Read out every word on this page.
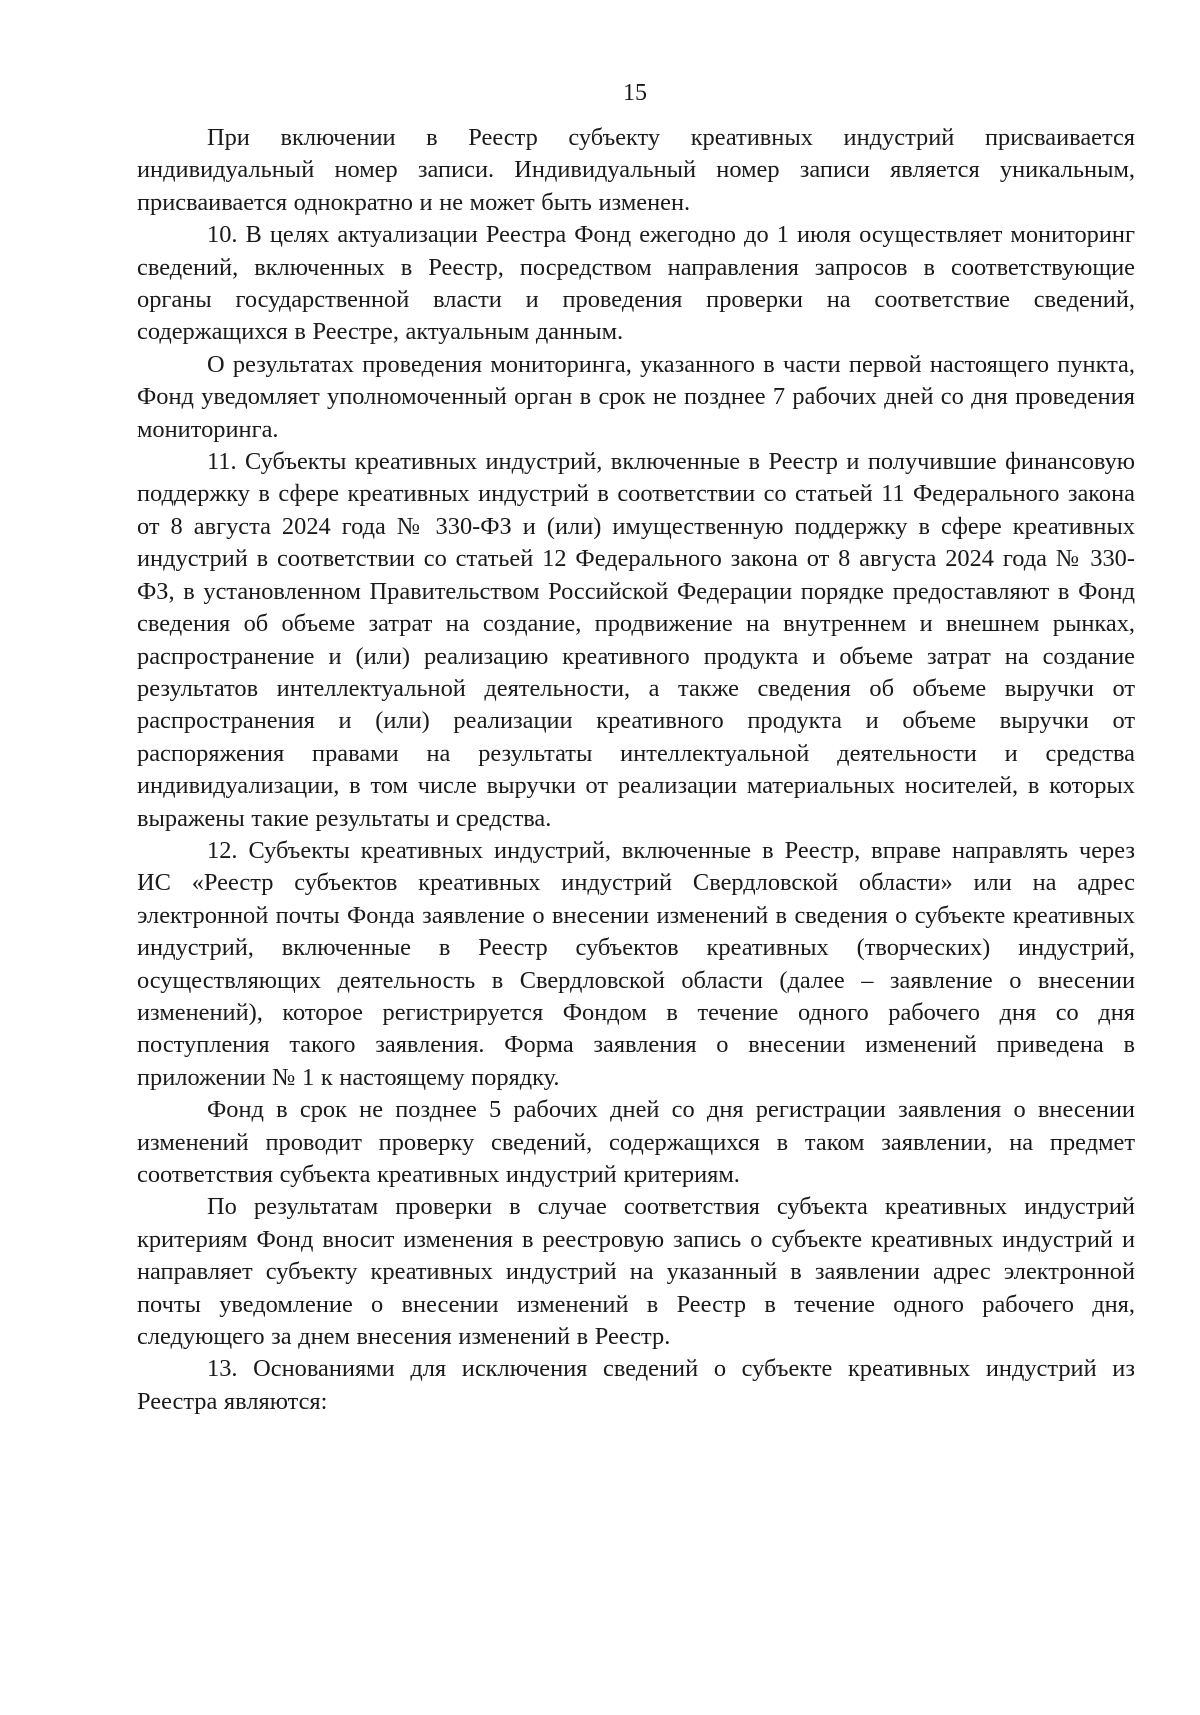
15

При включении в Реестр субъекту креативных индустрий присваивается индивидуальный номер записи. Индивидуальный номер записи является уникальным, присваивается однократно и не может быть изменен.

10. В целях актуализации Реестра Фонд ежегодно до 1 июля осуществляет мониторинг сведений, включенных в Реестр, посредством направления запросов в соответствующие органы государственной власти и проведения проверки на соответствие сведений, содержащихся в Реестре, актуальным данным.

О результатах проведения мониторинга, указанного в части первой настоящего пункта, Фонд уведомляет уполномоченный орган в срок не позднее 7 рабочих дней со дня проведения мониторинга.

11. Субъекты креативных индустрий, включенные в Реестр и получившие финансовую поддержку в сфере креативных индустрий в соответствии со статьей 11 Федерального закона от 8 августа 2024 года № 330-ФЗ и (или) имущественную поддержку в сфере креативных индустрий в соответствии со статьей 12 Федерального закона от 8 августа 2024 года № 330-ФЗ, в установленном Правительством Российской Федерации порядке предоставляют в Фонд сведения об объеме затрат на создание, продвижение на внутреннем и внешнем рынках, распространение и (или) реализацию креативного продукта и объеме затрат на создание результатов интеллектуальной деятельности, а также сведения об объеме выручки от распространения и (или) реализации креативного продукта и объеме выручки от распоряжения правами на результаты интеллектуальной деятельности и средства индивидуализации, в том числе выручки от реализации материальных носителей, в которых выражены такие результаты и средства.

12. Субъекты креативных индустрий, включенные в Реестр, вправе направлять через ИС «Реестр субъектов креативных индустрий Свердловской области» или на адрес электронной почты Фонда заявление о внесении изменений в сведения о субъекте креативных индустрий, включенные в Реестр субъектов креативных (творческих) индустрий, осуществляющих деятельность в Свердловской области (далее – заявление о внесении изменений), которое регистрируется Фондом в течение одного рабочего дня со дня поступления такого заявления. Форма заявления о внесении изменений приведена в приложении № 1 к настоящему порядку.

Фонд в срок не позднее 5 рабочих дней со дня регистрации заявления о внесении изменений проводит проверку сведений, содержащихся в таком заявлении, на предмет соответствия субъекта креативных индустрий критериям.

По результатам проверки в случае соответствия субъекта креативных индустрий критериям Фонд вносит изменения в реестровую запись о субъекте креативных индустрий и направляет субъекту креативных индустрий на указанный в заявлении адрес электронной почты уведомление о внесении изменений в Реестр в течение одного рабочего дня, следующего за днем внесения изменений в Реестр.

13. Основаниями для исключения сведений о субъекте креативных индустрий из Реестра являются:
